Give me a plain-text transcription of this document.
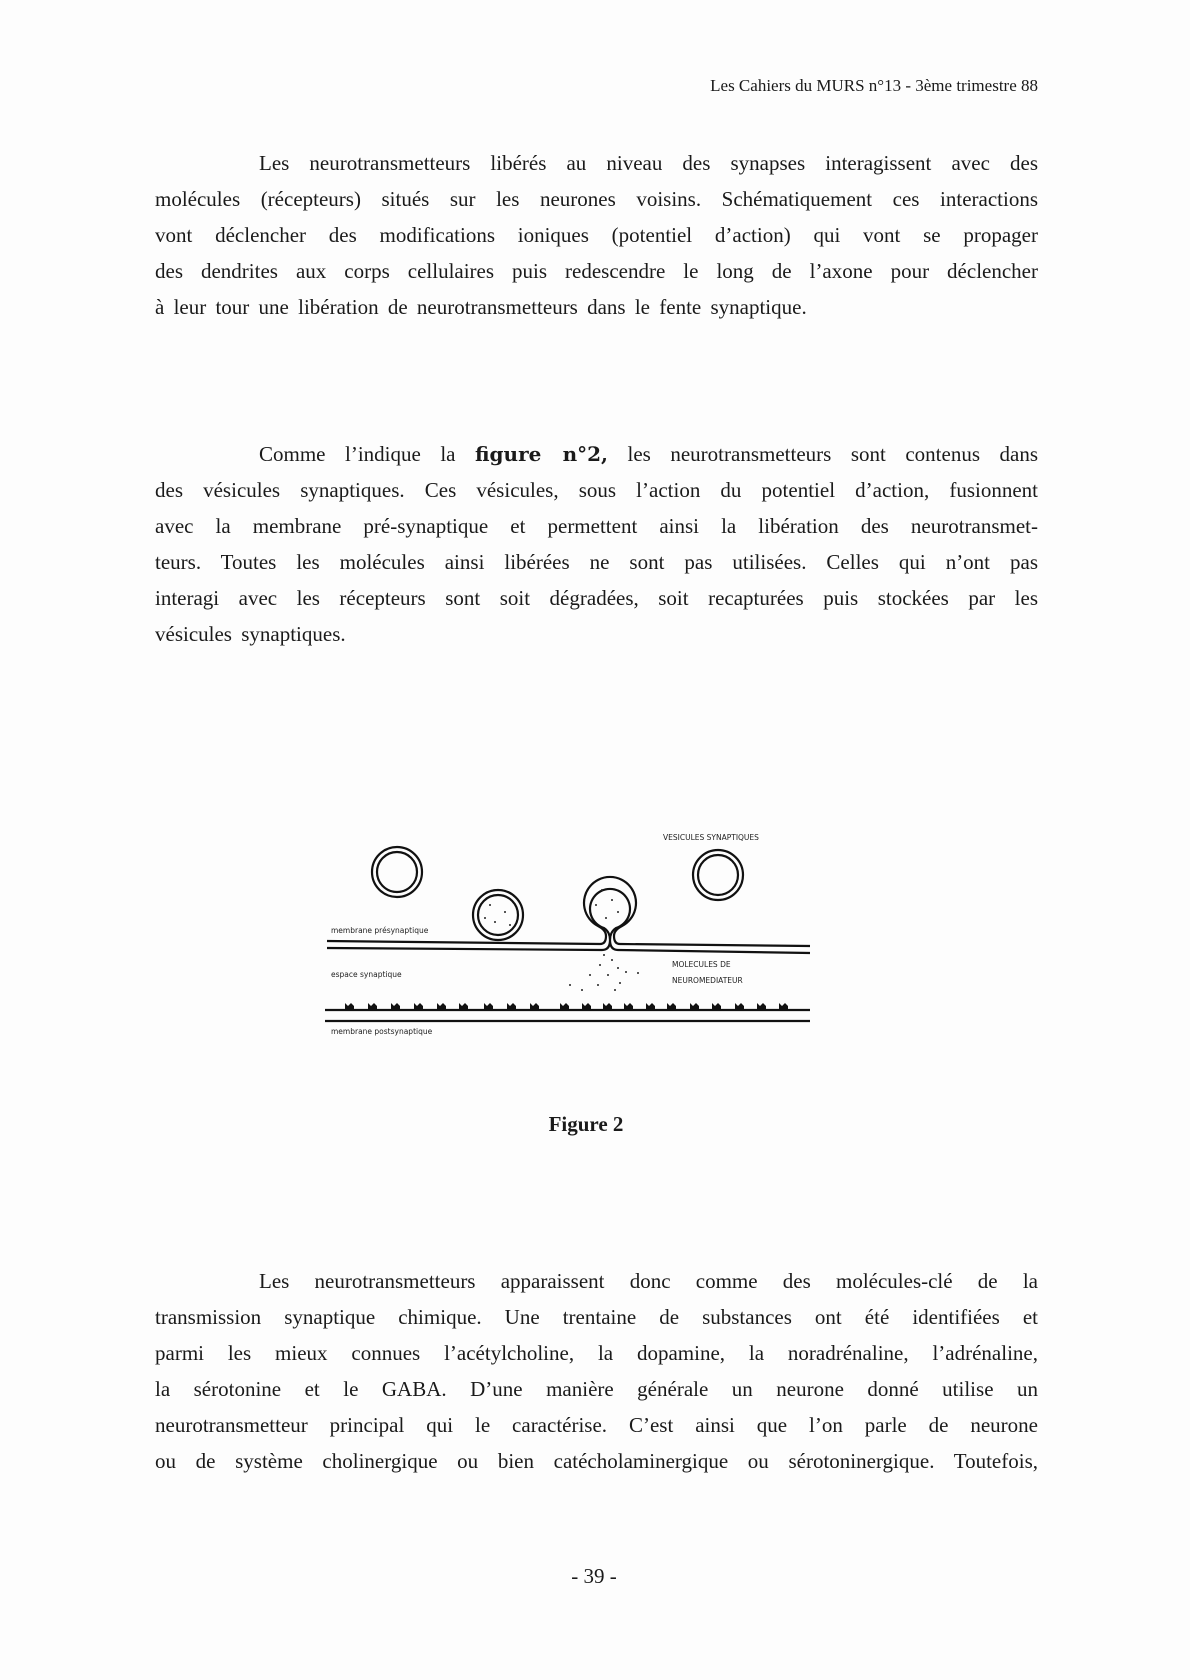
Les Cahiers du MURS n°13 - 3ème trimestre 88
Les neurotransmetteurs libérés au niveau des synapses interagissent avec des
molécules (récepteurs) situés sur les neurones voisins. Schématiquement ces interactions
vont déclencher des modifications ioniques (potentiel d’action) qui vont se propager
des dendrites aux corps cellulaires puis redescendre le long de l’axone pour déclencher
à leur tour une libération de neurotransmetteurs dans le fente synaptique.
Comme l’indique la figure n°2, les neurotransmetteurs sont contenus dans
des vésicules synaptiques. Ces vésicules, sous l’action du potentiel d’action, fusionnent
avec la membrane pré-synaptique et permettent ainsi la libération des neurotransmet-
teurs. Toutes les molécules ainsi libérées ne sont pas utilisées. Celles qui n’ont pas
interagi avec les récepteurs sont soit dégradées, soit recapturées puis stockées par les
vésicules synaptiques.
VESICULES SYNAPTIQUES
membrane présynaptique
espace synaptique
MOLECULES DE
NEUROMEDIATEUR
membrane postsynaptique
Figure 2
Les neurotransmetteurs apparaissent donc comme des molécules-clé de la
transmission synaptique chimique. Une trentaine de substances ont été identifiées et
parmi les mieux connues l’acétylcholine, la dopamine, la noradrénaline, l’adrénaline,
la sérotonine et le GABA. D’une manière générale un neurone donné utilise un
neurotransmetteur principal qui le caractérise. C’est ainsi que l’on parle de neurone
ou de système cholinergique ou bien catécholaminergique ou sérotoninergique. Toutefois,
- 39 -
